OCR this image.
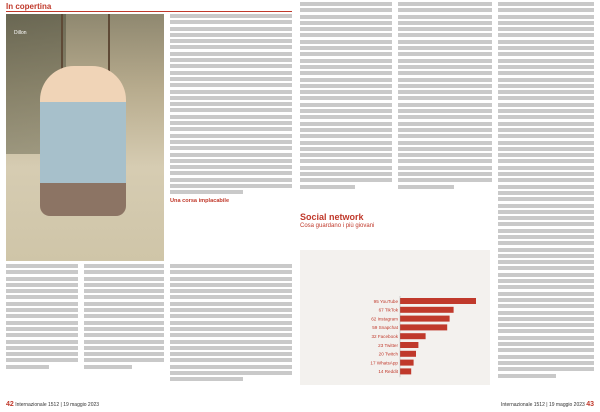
In copertina
Dillon
Una corsa implacabile
Social network
Cosa guardano i più giovani
95 YouTube
67 TikTok
62 Instagram
59 Snapchat
32 Facebook
23 Twitter
20 Twitch
17 WhatsApp
14 Reddit
42 Internazionale 1512 | 19 maggio 2023	Internazionale 1512 | 19 maggio 2023 43
